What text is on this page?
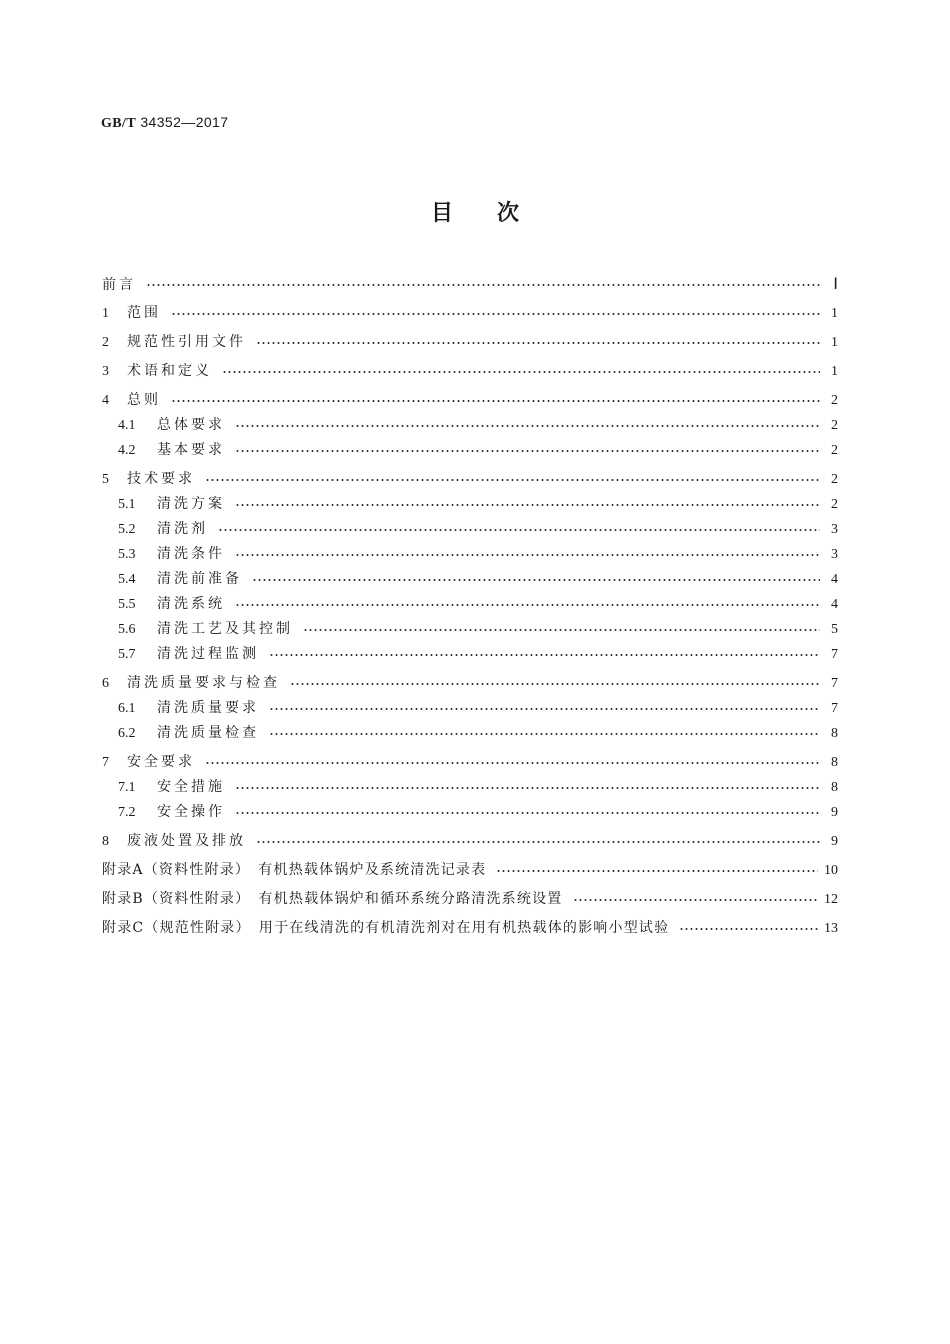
GB/T 34352—2017
目次
前言	Ⅰ
1	范围	1
2	规范性引用文件	1
3	术语和定义	1
4	总则	2
4.1	总体要求	2
4.2	基本要求	2
5	技术要求	2
5.1	清洗方案	2
5.2	清洗剂	3
5.3	清洗条件	3
5.4	清洗前准备	4
5.5	清洗系统	4
5.6	清洗工艺及其控制	5
5.7	清洗过程监测	7
6	清洗质量要求与检查	7
6.1	清洗质量要求	7
6.2	清洗质量检查	8
7	安全要求	8
7.1	安全措施	8
7.2	安全操作	9
8	废液处置及排放	9
附录A（资料性附录）　有机热载体锅炉及系统清洗记录表	10
附录B（资料性附录）　有机热载体锅炉和循环系统分路清洗系统设置	12
附录C（规范性附录）　用于在线清洗的有机清洗剂对在用有机热载体的影响小型试验	13
